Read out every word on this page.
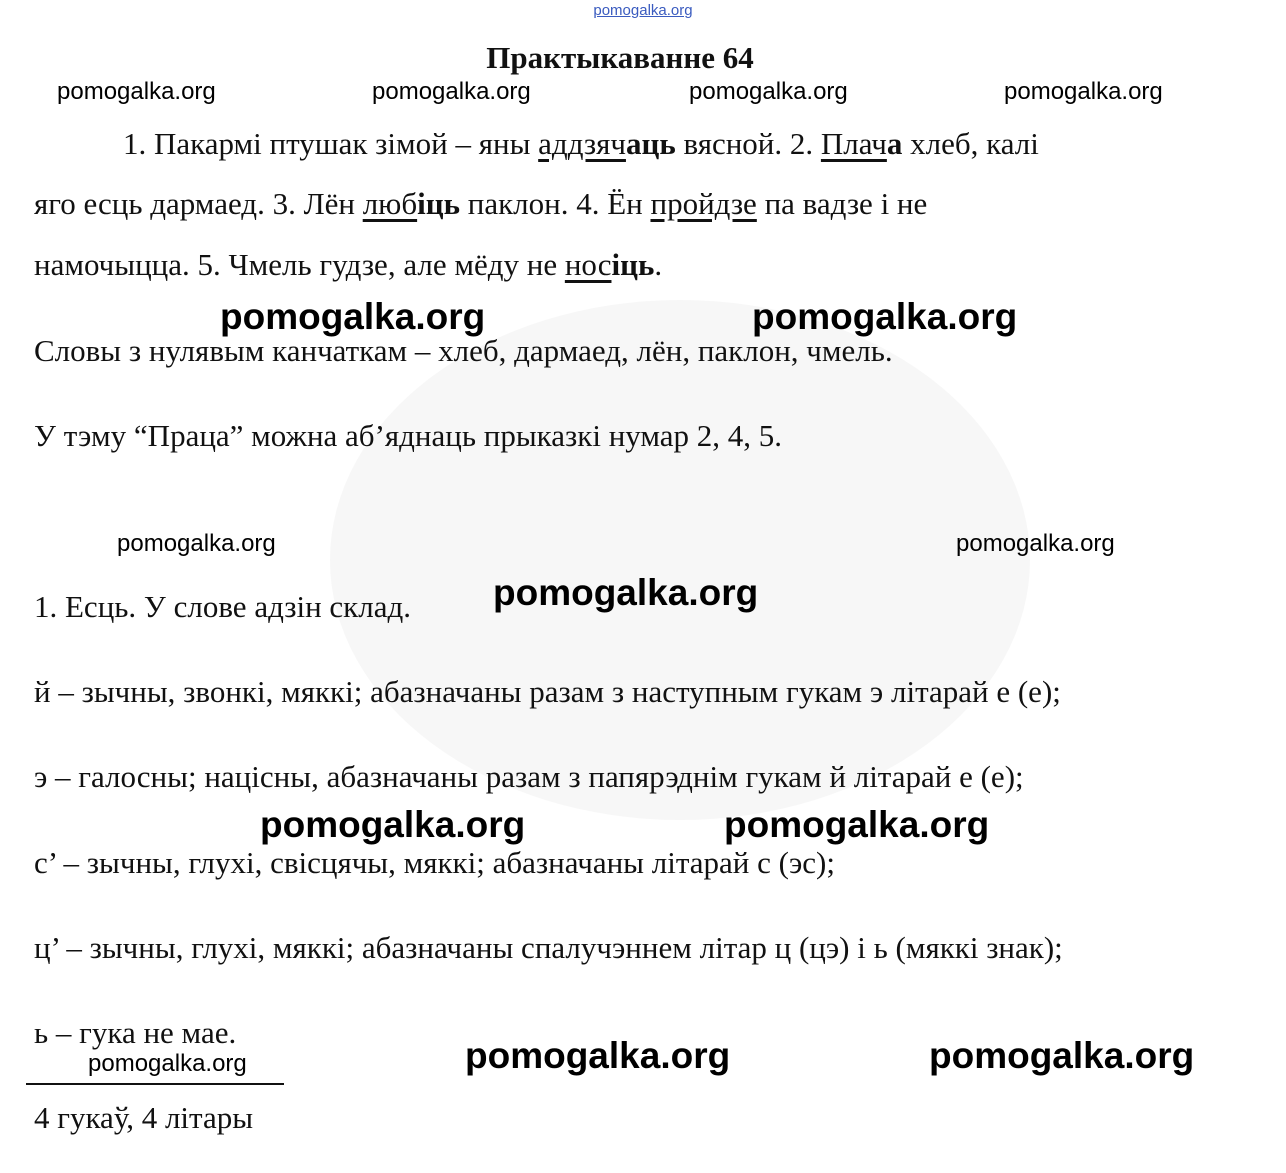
pomogalka.org
Практыкаванне 64
pomogalka.org	pomogalka.org	pomogalka.org	pomogalka.org
1. Пакармі птушак зімой – яны аддзячаць вясной. 2. Плача хлеб, калі
яго есць дармаед. 3. Лён любіць паклон. 4. Ён пройдзе па вадзе і не
намочыцца. 5. Чмель гудзе, але мёду не носіць.
pomogalka.org	pomogalka.org
Словы з нулявым канчаткам – хлеб, дармаед, лён, паклон, чмель.
У тэму “Праца” можна аб’яднаць прыказкі нумар 2, 4, 5.
pomogalka.org	pomogalka.org
1. Есць. У слове адзін склад. pomogalka.org
й – зычны, звонкі, мяккі; абазначаны разам з наступным гукам э літарай е (е);
э – галосны; націсны, абазначаны разам з папярэднім гукам й літарай е (е);
pomogalka.org	pomogalka.org
с’ – зычны, глухі, свісцячы, мяккі; абазначаны літарай с (эс);
ц’ – зычны, глухі, мяккі; абазначаны спалучэннем літар ц (цэ) і ь (мяккі знак);
ь – гука не мае.
pomogalka.org	pomogalka.org	pomogalka.org
4 гукаў, 4 літары
